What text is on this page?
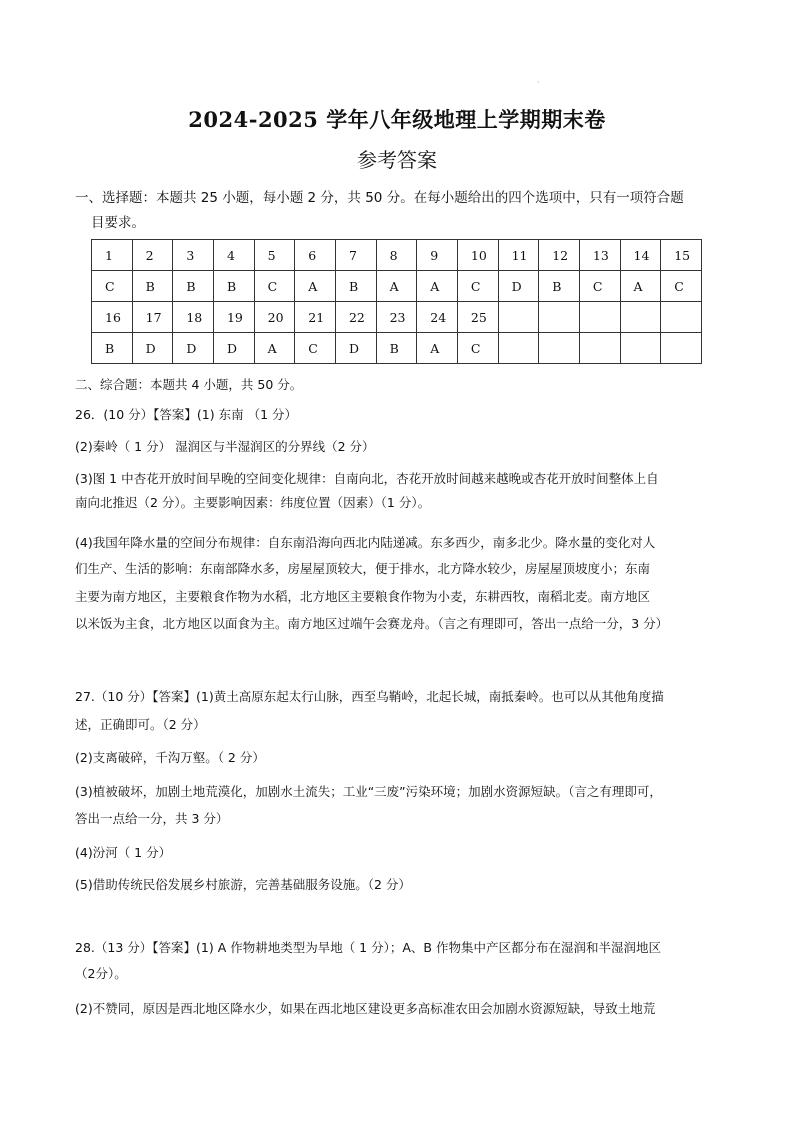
·
2024-2025 学年八年级地理上学期期末卷
参考答案
一、选择题：本题共 25 小题，每小题 2 分，共 50 分。在每小题给出的四个选项中，只有一项符合题
目要求。
1	2	3	4	5	6	7	8	9	10	11	12	13	14	15
C	B	B	B	C	A	B	A	A	C	D	B	C	A	C
16	17	18	19	20	21	22	23	24	25					
B	D	D	D	A	C	D	B	A	C					
二、综合题：本题共 4 小题，共 50 分。
26．(10 分）【答案】(1) 东南 （1 分）
(2)秦岭（ 1 分） 湿润区与半湿润区的分界线（2 分）
(3)图 1 中杏花开放时间早晚的空间变化规律：自南向北，杏花开放时间越来越晚或杏花开放时间整体上自
南向北推迟（2 分）。主要影响因素：纬度位置（因素）（1 分）。
(4)我国年降水量的空间分布规律：自东南沿海向西北内陆递减。东多西少，南多北少。降水量的变化对人
们生产、生活的影响：东南部降水多，房屋屋顶较大，便于排水，北方降水较少，房屋屋顶坡度小；东南
主要为南方地区，主要粮食作物为水稻，北方地区主要粮食作物为小麦，东耕西牧，南稻北麦。南方地区
以米饭为主食，北方地区以面食为主。南方地区过端午会赛龙舟。（言之有理即可，答出一点给一分，3 分）
27.（10 分）【答案】(1)黄土高原东起太行山脉，西至乌鞘岭，北起长城，南抵秦岭。也可以从其他角度描
述，正确即可。（2 分）
(2)支离破碎，千沟万壑。（ 2 分）
(3)植被破坏，加剧土地荒漠化，加剧水土流失；工业“三废”污染环境；加剧水资源短缺。（言之有理即可，
答出一点给一分，共 3 分）
(4)汾河（ 1 分）
(5)借助传统民俗发展乡村旅游，完善基础服务设施。（2 分）
28.（13 分）【答案】(1) A 作物耕地类型为旱地（ 1 分）；A、B 作物集中产区都分布在湿润和半湿润地区
（2分）。
(2)不赞同，原因是西北地区降水少，如果在西北地区建设更多高标准农田会加剧水资源短缺，导致土地荒
